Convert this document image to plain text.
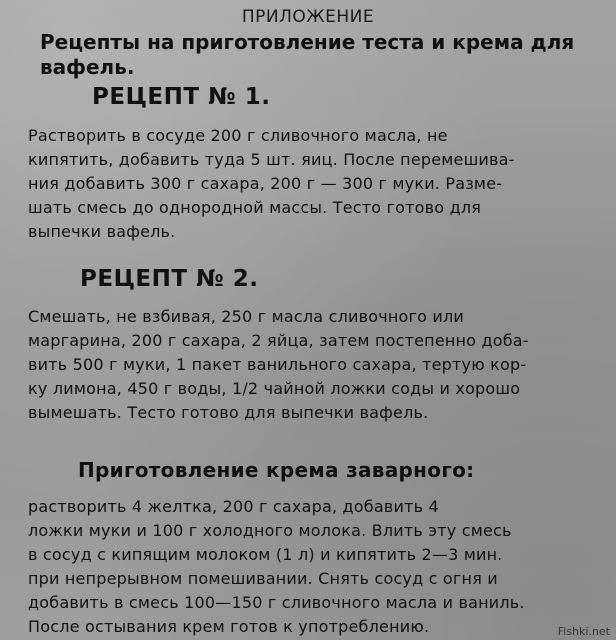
ПРИЛОЖЕНИЕ
Рецепты на приготовление теста и крема для вафель.
РЕЦЕПТ № 1.
Растворить в сосуде 200 г сливочного масла, не
кипятить, добавить туда 5 шт. яиц. После перемешива-
ния добавить 300 г сахара, 200 г — 300 г муки. Разме-
шать смесь до однородной массы. Тесто готово для
выпечки вафель.
РЕЦЕПТ № 2.
Смешать, не взбивая, 250 г масла сливочного или
маргарина, 200 г сахара, 2 яйца, затем постепенно доба-
вить 500 г муки, 1 пакет ванильного сахара, тертую кор-
ку лимона, 450 г воды, 1/2 чайной ложки соды и хорошо
вымешать. Тесто готово для выпечки вафель.
Приготовление крема заварного:
растворить 4 желтка, 200 г сахара, добавить 4
ложки муки и 100 г холодного молока. Влить эту смесь
в сосуд с кипящим молоком (1 л) и кипятить 2—3 мин.
при непрерывном помешивании. Снять сосуд с огня и
добавить в смесь 100—150 г сливочного масла и ваниль.
После остывания крем готов к употреблению.	Fishki.net
